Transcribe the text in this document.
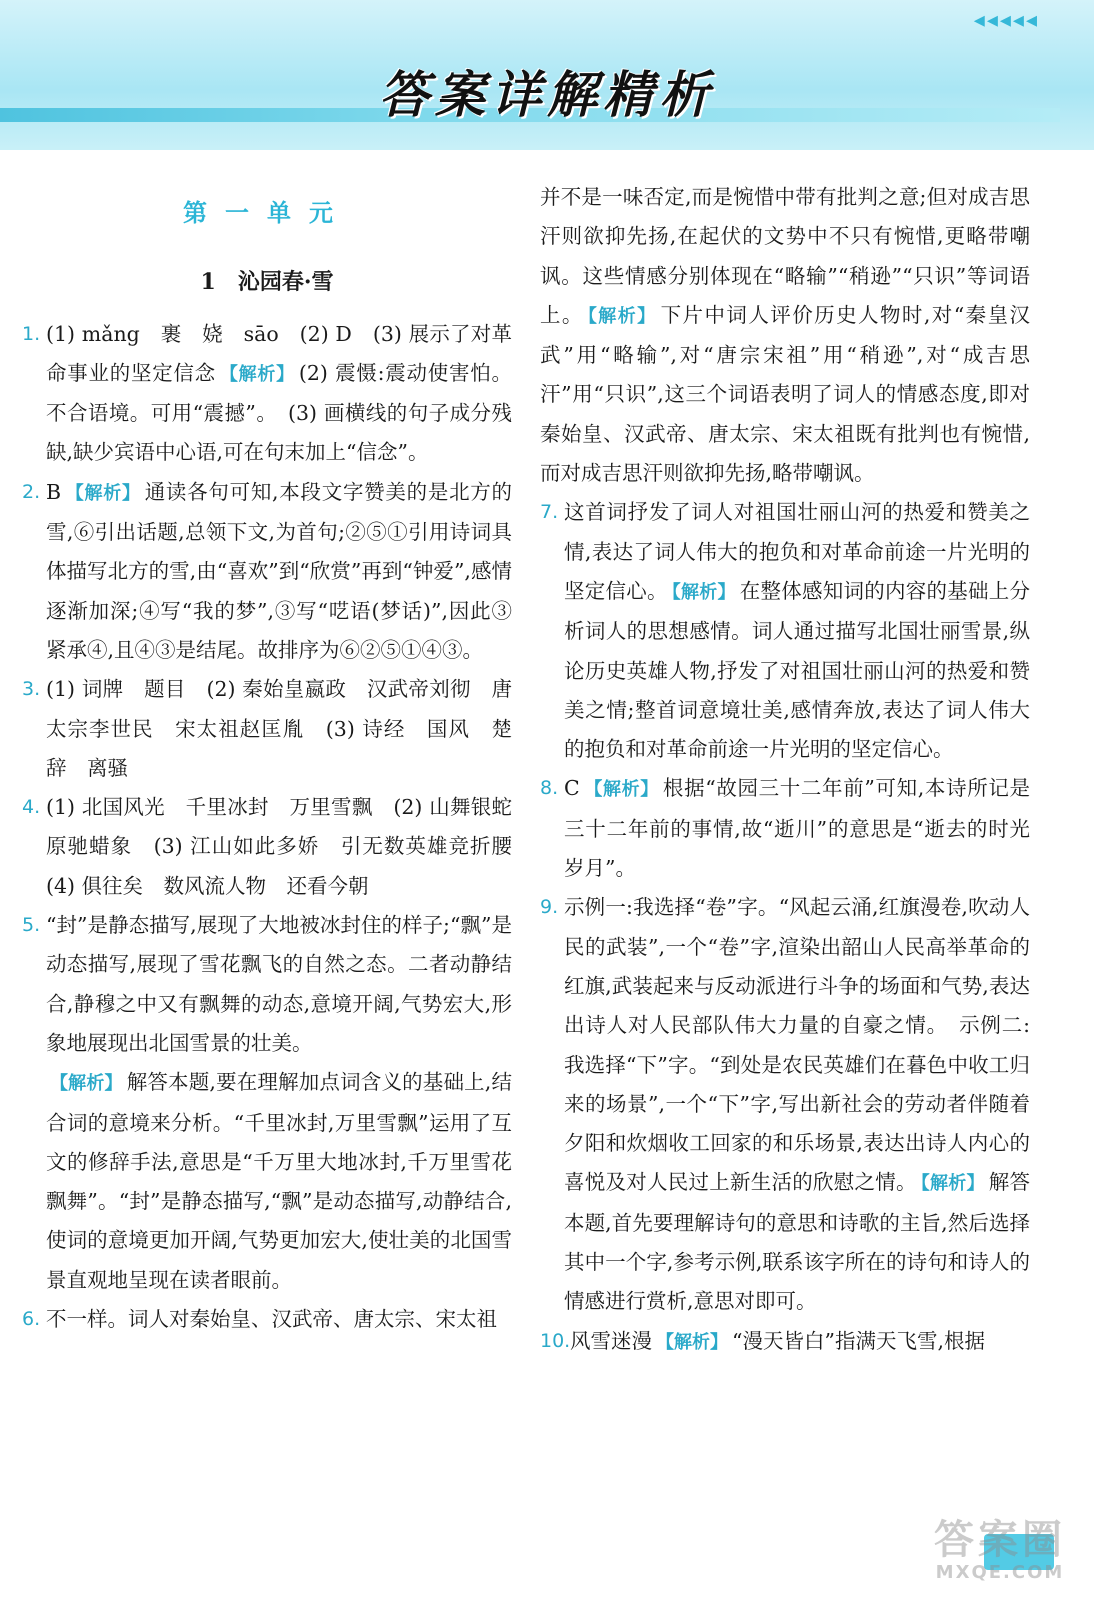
◂◂◂◂◂
答案详解精析
第一单元
1　沁园春·雪
1. (1) mǎng　裹　娆　sāo　(2) D　(3) 展示了对革命事业的坚定信念 【解析】 (2) 震慑:震动使害怕。不合语境。可用“震撼”。　(3) 画横线的句子成分残缺,缺少宾语中心语,可在句末加上“信念”。
2. B 【解析】 通读各句可知,本段文字赞美的是北方的雪,⑥引出话题,总领下文,为首句;②⑤①引用诗词具体描写北方的雪,由“喜欢”到“欣赏”再到“钟爱”,感情逐渐加深;④写“我的梦”,③写“呓语(梦话)”,因此③紧承④,且④③是结尾。故排序为⑥②⑤①④③。
3. (1) 词牌　题目　(2) 秦始皇嬴政　汉武帝刘彻　唐太宗李世民　宋太祖赵匡胤　(3) 诗经　国风　楚辞　离骚
4. (1) 北国风光　千里冰封　万里雪飘　(2) 山舞银蛇　原驰蜡象　(3) 江山如此多娇　引无数英雄竞折腰　(4) 俱往矣　数风流人物　还看今朝
5. “封”是静态描写,展现了大地被冰封住的样子;“飘”是动态描写,展现了雪花飘飞的自然之态。二者动静结合,静穆之中又有飘舞的动态,意境开阔,气势宏大,形象地展现出北国雪景的壮美。
【解析】 解答本题,要在理解加点词含义的基础上,结合词的意境来分析。“千里冰封,万里雪飘”运用了互文的修辞手法,意思是“千万里大地冰封,千万里雪花飘舞”。“封”是静态描写,“飘”是动态描写,动静结合,使词的意境更加开阔,气势更加宏大,使壮美的北国雪景直观地呈现在读者眼前。
6. 不一样。词人对秦始皇、汉武帝、唐太宗、宋太祖
并不是一味否定,而是惋惜中带有批判之意;但对成吉思汗则欲抑先扬,在起伏的文势中不只有惋惜,更略带嘲讽。这些情感分别体现在“略输”“稍逊”“只识”等词语上。 【解析】 下片中词人评价历史人物时,对“秦皇汉武”用“略输”,对“唐宗宋祖”用“稍逊”,对“成吉思汗”用“只识”,这三个词语表明了词人的情感态度,即对秦始皇、汉武帝、唐太宗、宋太祖既有批判也有惋惜,而对成吉思汗则欲抑先扬,略带嘲讽。
7. 这首词抒发了词人对祖国壮丽山河的热爱和赞美之情,表达了词人伟大的抱负和对革命前途一片光明的坚定信心。 【解析】 在整体感知词的内容的基础上分析词人的思想感情。词人通过描写北国壮丽雪景,纵论历史英雄人物,抒发了对祖国壮丽山河的热爱和赞美之情;整首词意境壮美,感情奔放,表达了词人伟大的抱负和对革命前途一片光明的坚定信心。
8. C 【解析】 根据“故园三十二年前”可知,本诗所记是三十二年前的事情,故“逝川”的意思是“逝去的时光岁月”。
9. 示例一:我选择“卷”字。“风起云涌,红旗漫卷,吹动人民的武装”,一个“卷”字,渲染出韶山人民高举革命的红旗,武装起来与反动派进行斗争的场面和气势,表达出诗人对人民部队伟大力量的自豪之情。　示例二:我选择“下”字。“到处是农民英雄们在暮色中收工归来的场景”,一个“下”字,写出新社会的劳动者伴随着夕阳和炊烟收工回家的和乐场景,表达出诗人内心的喜悦及对人民过上新生活的欣慰之情。 【解析】 解答本题,首先要理解诗句的意思和诗歌的主旨,然后选择其中一个字,参考示例,联系该字所在的诗句和诗人的情感进行赏析,意思对即可。
10. 风雪迷漫 【解析】 “漫天皆白”指满天飞雪,根据
答案圈
MXQE.COM
